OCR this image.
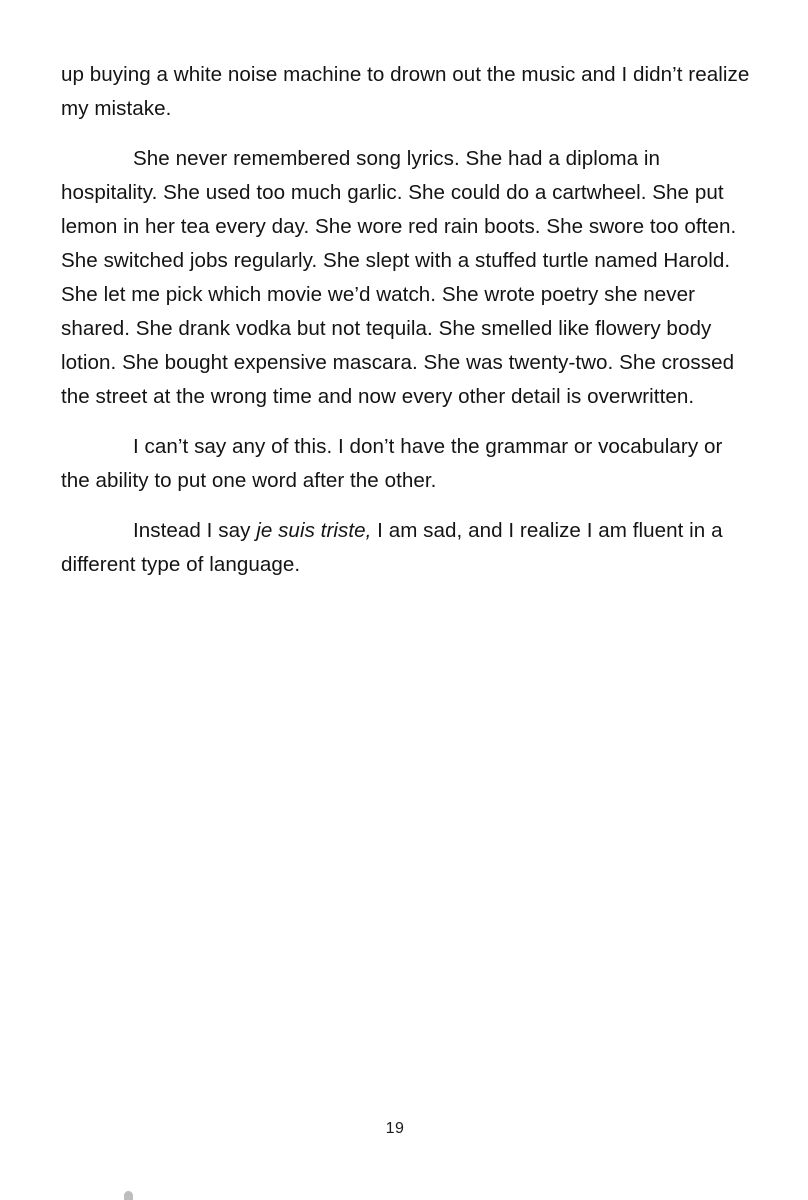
up buying a white noise machine to drown out the music and I didn’t realize my mistake.

She never remembered song lyrics. She had a diploma in hospitality. She used too much garlic. She could do a cartwheel. She put lemon in her tea every day. She wore red rain boots. She swore too often. She switched jobs regularly. She slept with a stuffed turtle named Harold. She let me pick which movie we’d watch. She wrote poetry she never shared. She drank vodka but not tequila. She smelled like flowery body lotion. She bought expensive mascara. She was twenty-two. She crossed the street at the wrong time and now every other detail is overwritten.

I can’t say any of this. I don’t have the grammar or vocabulary or the ability to put one word after the other.

Instead I say je suis triste, I am sad, and I realize I am fluent in a different type of language.

19
